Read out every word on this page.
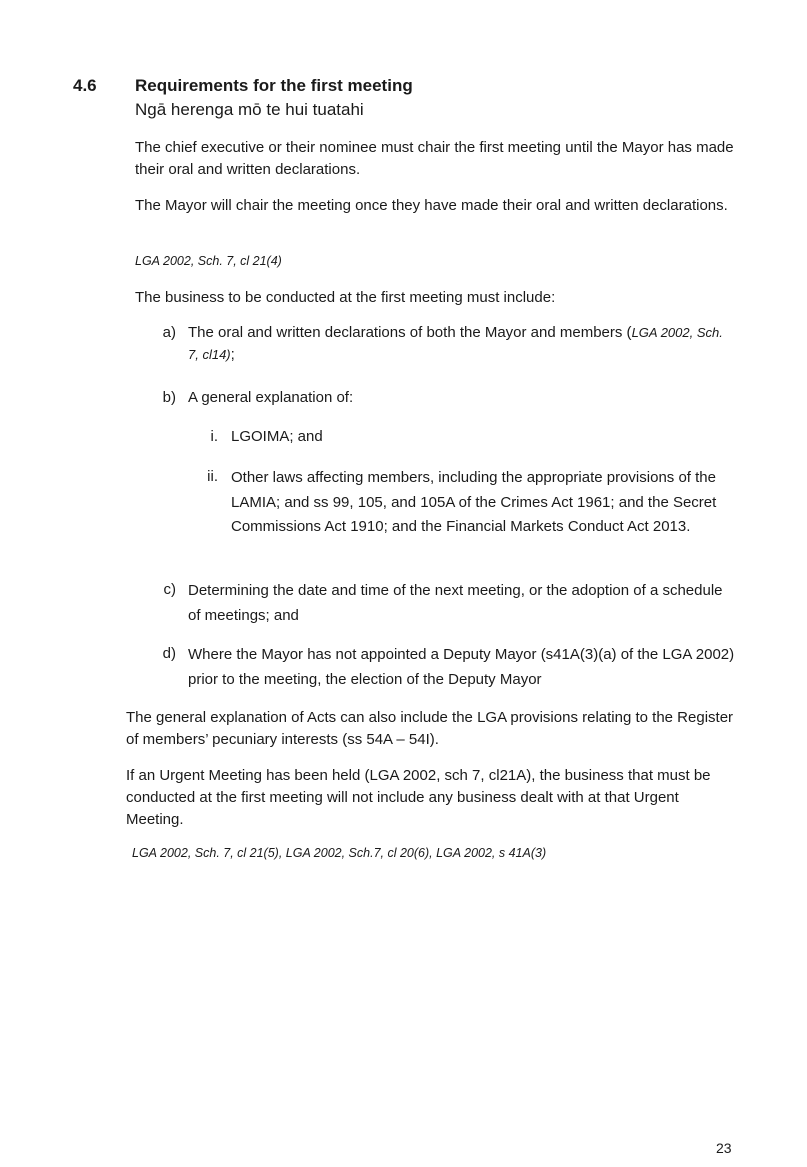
4.6 Requirements for the first meeting
Ngā herenga mō te hui tuatahi

The chief executive or their nominee must chair the first meeting until the Mayor has made their oral and written declarations.

The Mayor will chair the meeting once they have made their oral and written declarations.

LGA 2002, Sch. 7, cl 21(4)

The business to be conducted at the first meeting must include:

a) The oral and written declarations of both the Mayor and members (LGA 2002, Sch. 7, cl14);

b) A general explanation of:

i. LGOIMA; and

ii. Other laws affecting members, including the appropriate provisions of the LAMIA; and ss 99, 105, and 105A of the Crimes Act 1961; and the Secret Commissions Act 1910; and the Financial Markets Conduct Act 2013.

c) Determining the date and time of the next meeting, or the adoption of a schedule of meetings; and

d) Where the Mayor has not appointed a Deputy Mayor (s41A(3)(a) of the LGA 2002) prior to the meeting, the election of the Deputy Mayor

The general explanation of Acts can also include the LGA provisions relating to the Register of members’ pecuniary interests (ss 54A – 54I).

If an Urgent Meeting has been held (LGA 2002, sch 7, cl21A), the business that must be conducted at the first meeting will not include any business dealt with at that Urgent Meeting.

LGA 2002, Sch. 7, cl 21(5), LGA 2002, Sch.7, cl 20(6), LGA 2002, s 41A(3)

23
